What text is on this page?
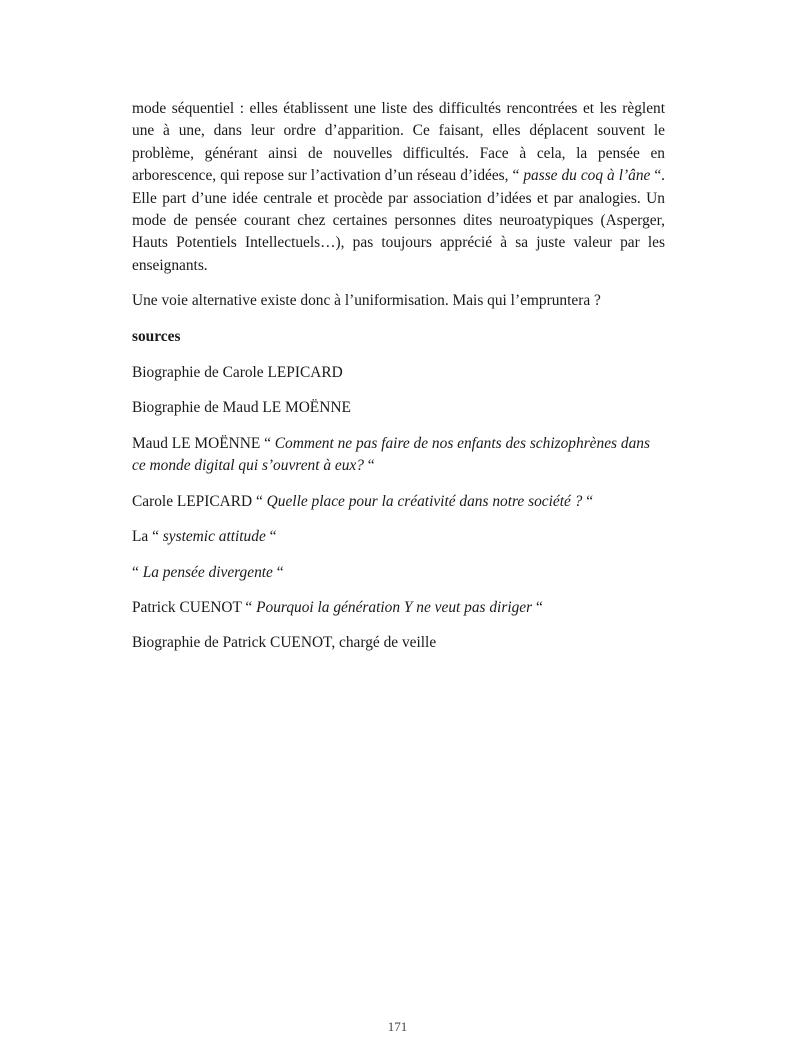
mode séquentiel : elles établissent une liste des difficultés rencontrées et les règlent une à une, dans leur ordre d’apparition. Ce faisant, elles déplacent souvent le problème, générant ainsi de nouvelles difficultés. Face à cela, la pensée en arborescence, qui repose sur l’activation d’un réseau d’idées, “ passe du coq à l’âne “. Elle part d’une idée centrale et procède par association d’idées et par analogies. Un mode de pensée courant chez certaines personnes dites neuroatypiques (Asperger, Hauts Potentiels Intellectuels…), pas toujours apprécié à sa juste valeur par les enseignants.

Une voie alternative existe donc à l’uniformisation. Mais qui l’empruntera ?

sources

Biographie de Carole LEPICARD

Biographie de Maud LE MOËNNE

Maud LE MOËNNE “ Comment ne pas faire de nos enfants des schizophrènes dans ce monde digital qui s’ouvrent à eux? “

Carole LEPICARD “ Quelle place pour la créativité dans notre société ? “

La “ systemic attitude “

“ La pensée divergente “

Patrick CUENOT “ Pourquoi la génération Y ne veut pas diriger “

Biographie de Patrick CUENOT, chargé de veille

171
